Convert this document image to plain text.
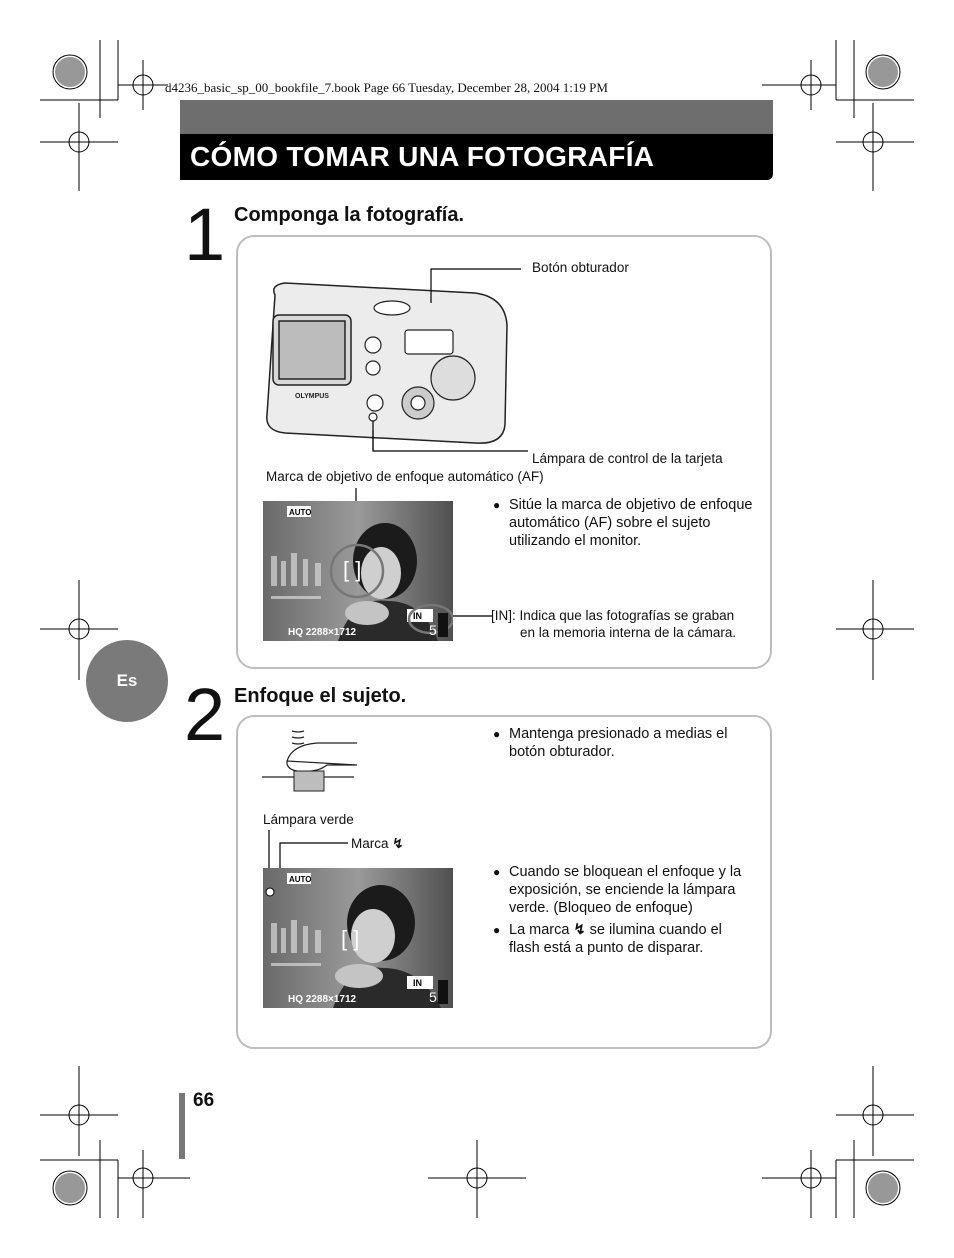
d4236_basic_sp_00_bookfile_7.book Page 66 Tuesday, December 28, 2004 1:19 PM
CÓMO TOMAR UNA FOTOGRAFÍA
1 Componga la fotografía.
OLYMPUS
Botón obturador
Lámpara de control de la tarjeta
Marca de objetivo de enfoque automático (AF)
AUTO
[ ]
IN
5
HQ 2288×1712

● Sitúe la marca de objetivo de enfoque automático (AF) sobre el sujeto utilizando el monitor.

[IN]: Indica que las fotografías se graban
en la memoria interna de la cámara.
Es 2 Enfoque el sujeto.

● Mantenga presionado a medias el botón obturador.

Lámpara verde
Marca ↯
AUTO
[ ]
IN
5
HQ 2288×1712

● Cuando se bloquean el enfoque y la exposición, se enciende la lámpara verde. (Bloqueo de enfoque)

● La marca ↯ se ilumina cuando el flash está a punto de disparar.

66
